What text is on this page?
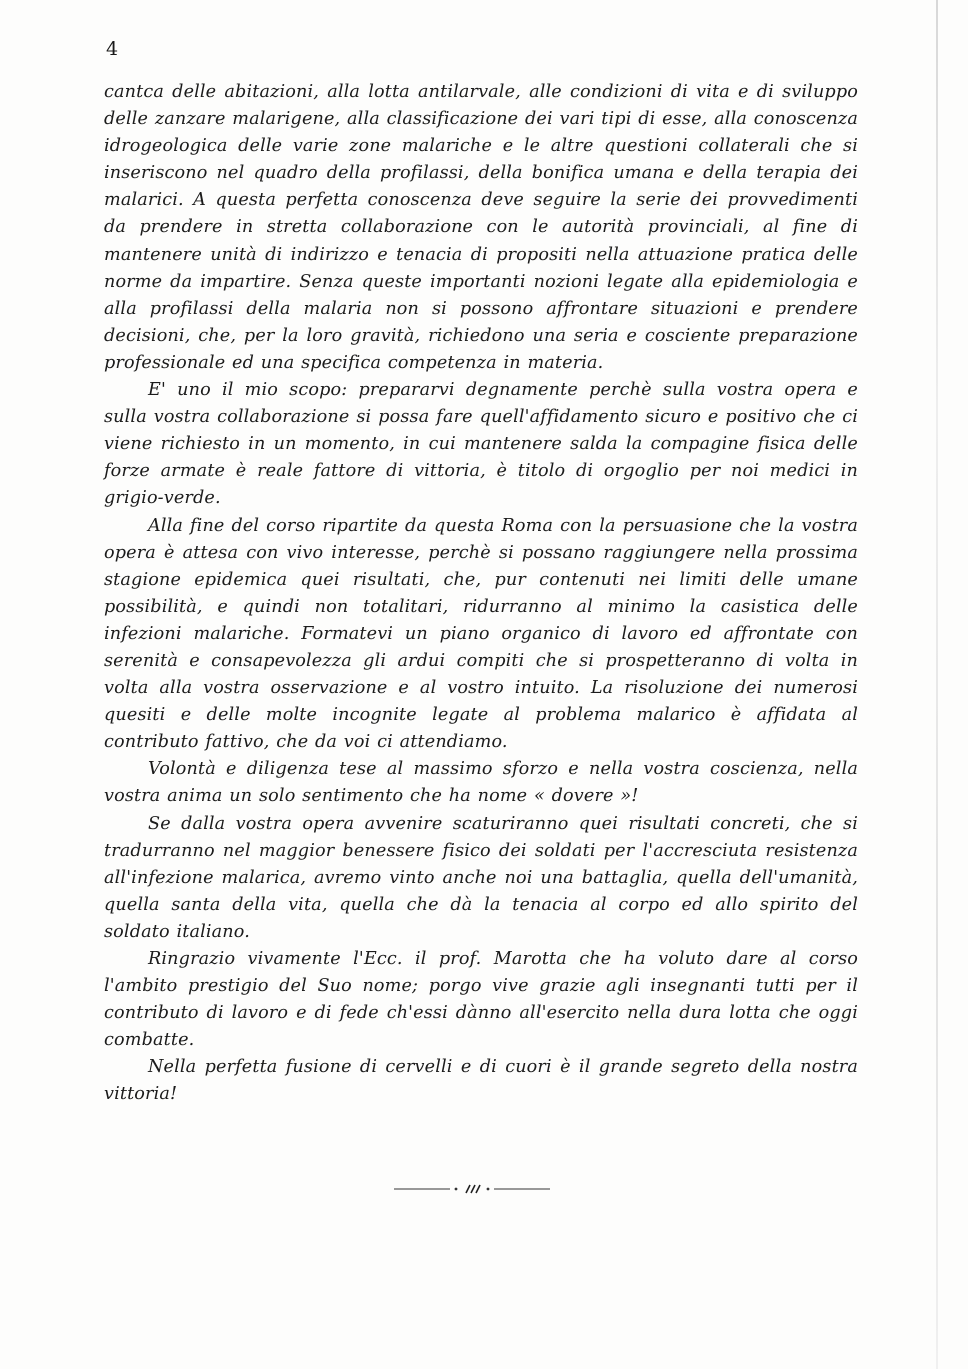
4

cantca delle abitazioni, alla lotta antilarvale, alle condizioni di vita e di sviluppo delle zanzare malarigene, alla classificazione dei vari tipi di esse, alla conoscenza idrogeologica delle varie zone malariche e le altre questioni collaterali che si inseriscono nel quadro della profilassi, della bonifica umana e della terapia dei malarici. A questa perfetta conoscenza deve seguire la serie dei provvedimenti da prendere in stretta collaborazione con le autorità provinciali, al fine di mantenere unità di indirizzo e tenacia di propositi nella attuazione pratica delle norme da impartire. Senza queste importanti nozioni legate alla epidemiologia e alla profilassi della malaria non si possono affrontare situazioni e prendere decisioni, che, per la loro gravità, richiedono una seria e cosciente preparazione professionale ed una specifica competenza in materia.

E' uno il mio scopo: prepararvi degnamente perchè sulla vostra opera e sulla vostra collaborazione si possa fare quell'affidamento sicuro e positivo che ci viene richiesto in un momento, in cui mantenere salda la compagine fisica delle forze armate è reale fattore di vittoria, è titolo di orgoglio per noi medici in grigio-verde.

Alla fine del corso ripartite da questa Roma con la persuasione che la vostra opera è attesa con vivo interesse, perchè si possano raggiungere nella prossima stagione epidemica quei risultati, che, pur contenuti nei limiti delle umane possibilità, e quindi non totalitari, ridurranno al minimo la casistica delle infezioni malariche. Formatevi un piano organico di lavoro ed affrontate con serenità e consapevolezza gli ardui compiti che si prospetteranno di volta in volta alla vostra osservazione e al vostro intuito. La risoluzione dei numerosi quesiti e delle molte incognite legate al problema malarico è affidata al contributo fattivo, che da voi ci attendiamo.

Volontà e diligenza tese al massimo sforzo e nella vostra coscienza, nella vostra anima un solo sentimento che ha nome « dovere »!

Se dalla vostra opera avvenire scaturiranno quei risultati concreti, che si tradurranno nel maggior benessere fisico dei soldati per l'accresciuta resistenza all'infezione malarica, avremo vinto anche noi una battaglia, quella dell'umanità, quella santa della vita, quella che dà la tenacia al corpo ed allo spirito del soldato italiano.

Ringrazio vivamente l'Ecc. il prof. Marotta che ha voluto dare al corso l'ambito prestigio del Suo nome; porgo vive grazie agli insegnanti tutti per il contributo di lavoro e di fede ch'essi dànno all'esercito nella dura lotta che oggi combatte.

Nella perfetta fusione di cervelli e di cuori è il grande segreto della nostra vittoria!
